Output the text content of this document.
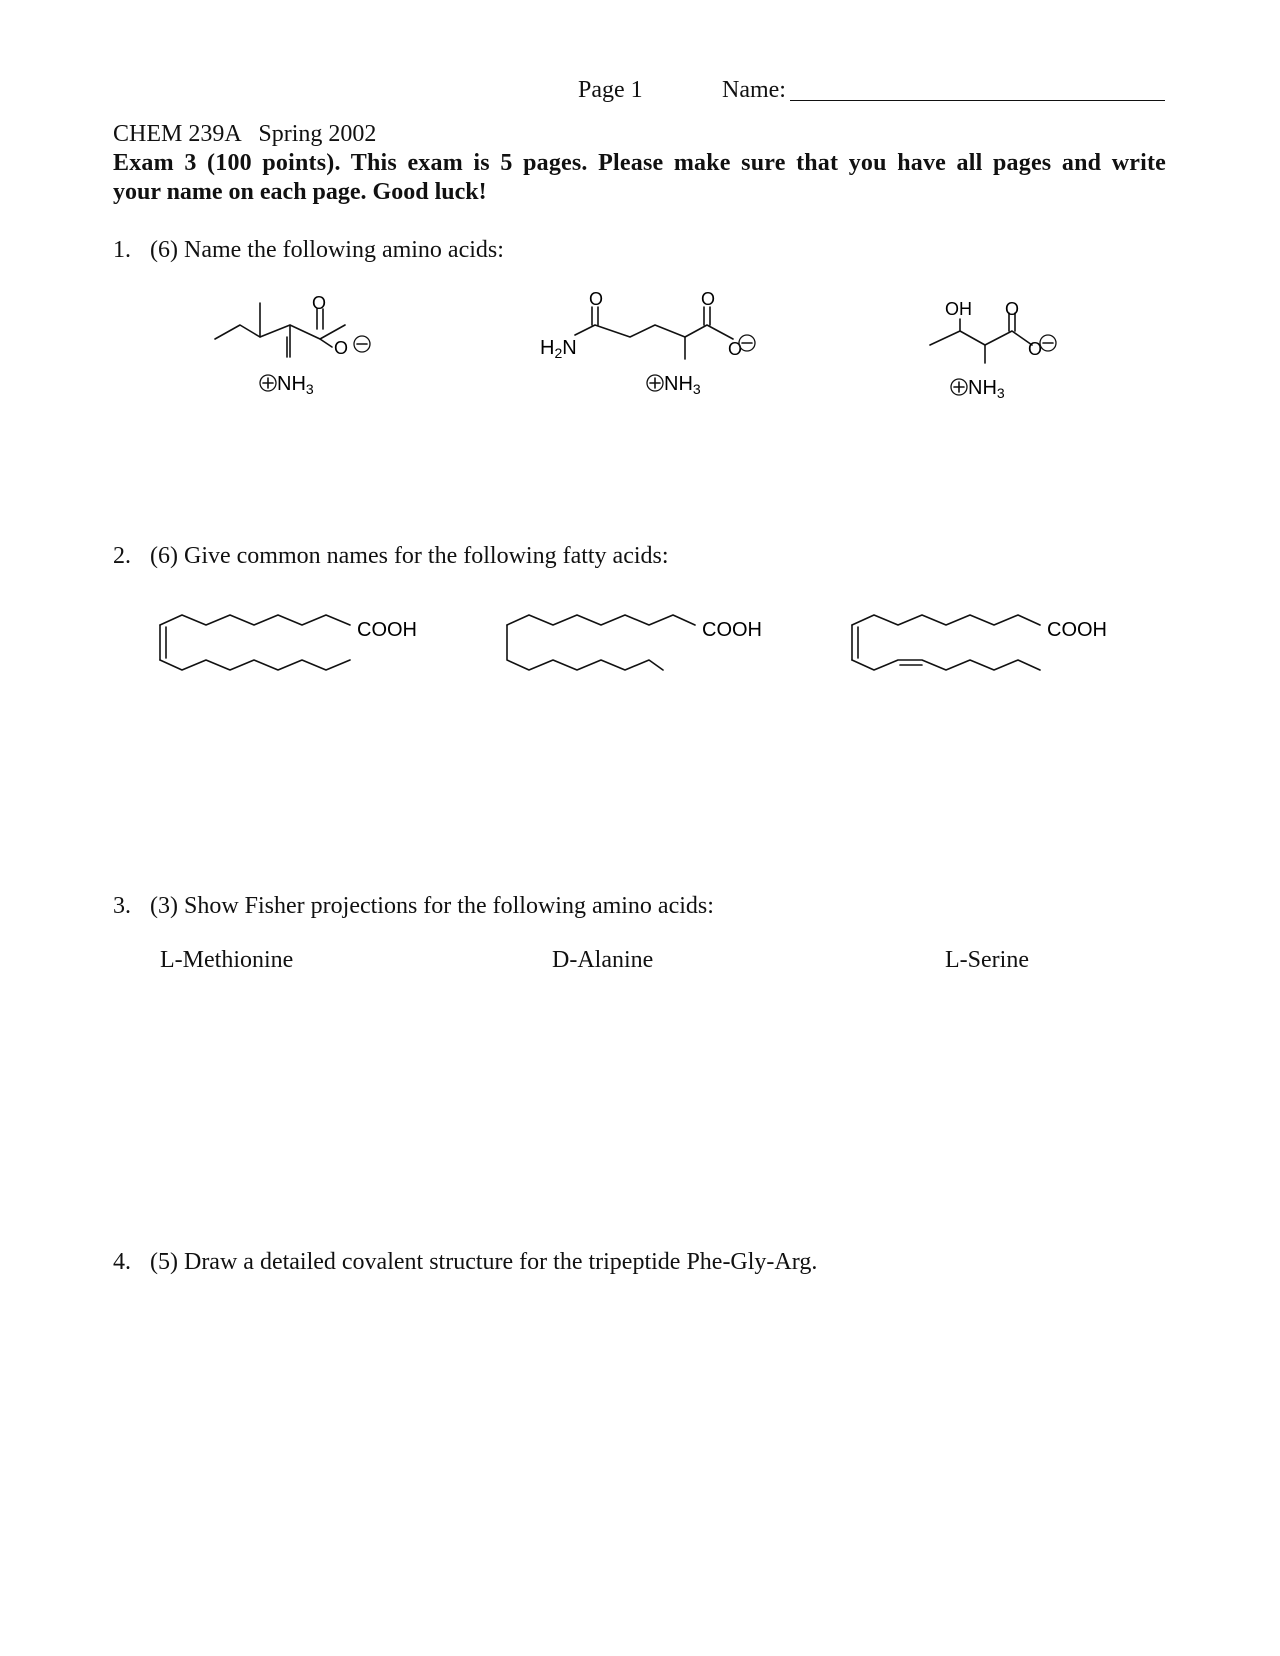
Page 1	Name:
CHEM 239A   Spring 2002
Exam 3 (100 points). This exam is 5 pages. Please make sure that you have all pages and write
your name on each page. Good luck!
1. (6) Name the following amino acids:
O
O
$NH_3$
$H_2N$
O	O
O
$NH_3$
OH O
O
$NH_3$
2. (6) Give common names for the following fatty acids:
COOH	COOH	COOH
3. (3) Show Fisher projections for the following amino acids:
L-Methionine	D-Alanine	L-Serine
4. (5) Draw a detailed covalent structure for the tripeptide Phe-Gly-Arg.
